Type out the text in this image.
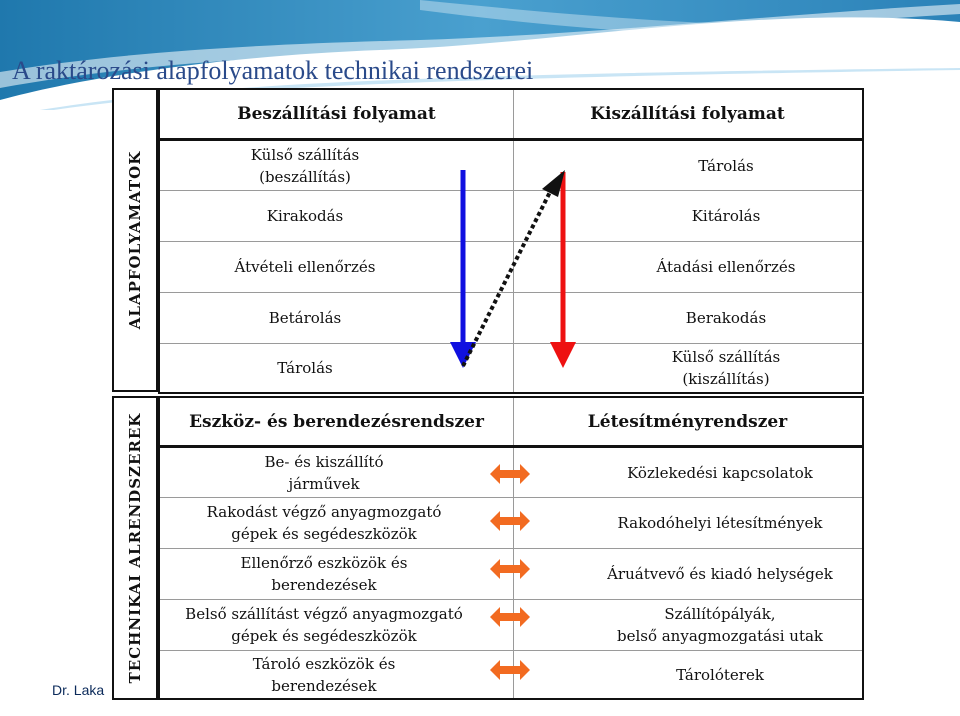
A raktározási alapfolyamatok technikai rendszerei
Dr. Laka
ALAPFOLYAMATOK
TECHNIKAI ALRENDSZEREK
Beszállítási folyamat	Kiszállítási folyamat
Külső szállítás
(beszállítás)
Kirakodás
Átvételi ellenőrzés
Betárolás
Tárolás
Tárolás
Kitárolás
Átadási ellenőrzés
Berakodás
Külső szállítás
(kiszállítás)
Eszköz- és berendezésrendszer	Létesítményrendszer
Be- és kiszállító
járművek
Rakodást végző anyagmozgató
gépek és segédeszközök
Ellenőrző eszközök és
berendezések
Belső szállítást végző anyagmozgató
gépek és segédeszközök
Tároló eszközök és
berendezések
Közlekedési kapcsolatok
Rakodóhelyi létesítmények
Áruátvevő és kiadó helységek
Szállítópályák,
belső anyagmozgatási utak
Tárolóterek
